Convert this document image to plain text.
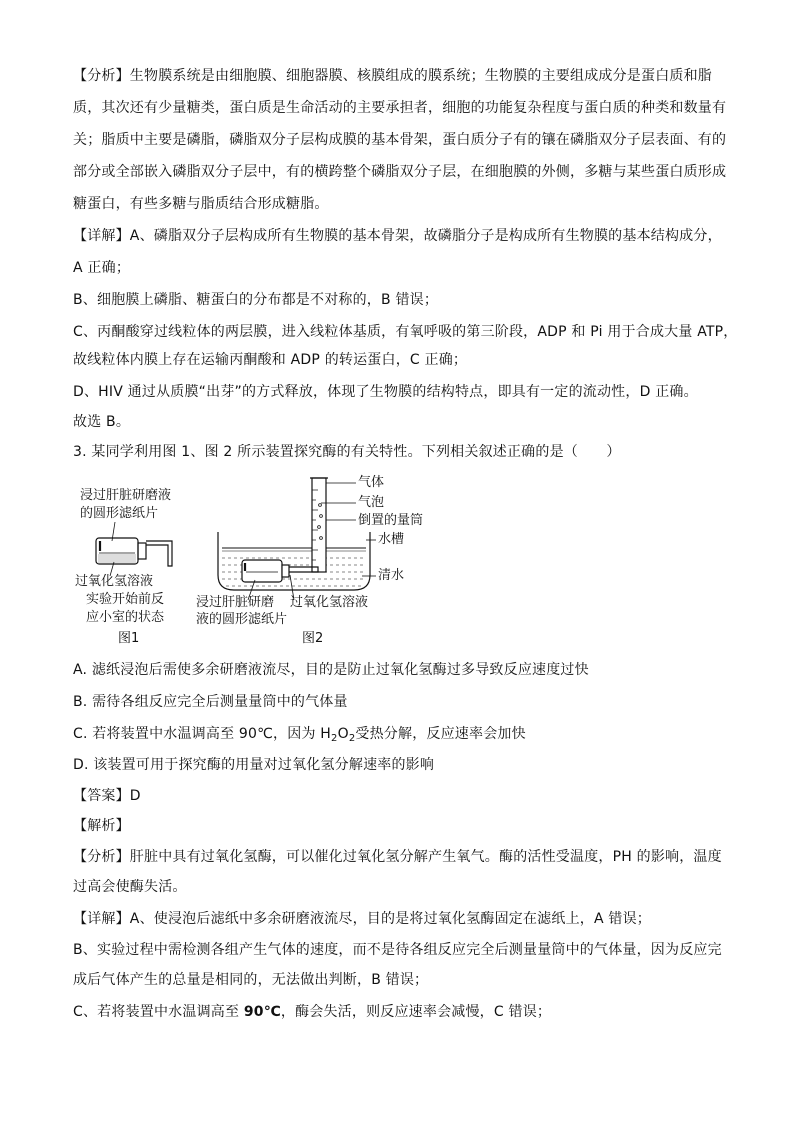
【分析】生物膜系统是由细胞膜、细胞器膜、核膜组成的膜系统；生物膜的主要组成成分是蛋白质和脂
质，其次还有少量糖类，蛋白质是生命活动的主要承担者，细胞的功能复杂程度与蛋白质的种类和数量有
关；脂质中主要是磷脂，磷脂双分子层构成膜的基本骨架，蛋白质分子有的镶在磷脂双分子层表面、有的
部分或全部嵌入磷脂双分子层中，有的横跨整个磷脂双分子层，在细胞膜的外侧，多糖与某些蛋白质形成
糖蛋白，有些多糖与脂质结合形成糖脂。
【详解】A、磷脂双分子层构成所有生物膜的基本骨架，故磷脂分子是构成所有生物膜的基本结构成分，
A 正确；
B、细胞膜上磷脂、糖蛋白的分布都是不对称的，B 错误；
C、丙酮酸穿过线粒体的两层膜，进入线粒体基质，有氧呼吸的第三阶段，ADP 和 Pi 用于合成大量 ATP，
故线粒体内膜上存在运输丙酮酸和 ADP 的转运蛋白，C 正确；
D、HIV 通过从质膜“出芽”的方式释放，体现了生物膜的结构特点，即具有一定的流动性，D 正确。
故选 B。
3. 某同学利用图 1、图 2 所示装置探究酶的有关特性。下列相关叙述正确的是（　　）
浸过肝脏研磨液
的圆形滤纸片
过氧化氢溶液
实验开始前反
应小室的状态
图1
气体
气泡
倒置的量筒
水槽
清水
过氧化氢溶液
浸过肝脏研磨
液的圆形滤纸片
图2
A. 滤纸浸泡后需使多余研磨液流尽，目的是防止过氧化氢酶过多导致反应速度过快
B. 需待各组反应完全后测量量筒中的气体量
C. 若将装置中水温调高至 90℃，因为 $H_2O_2$受热分解，反应速率会加快
D. 该装置可用于探究酶的用量对过氧化氢分解速率的影响
【答案】D
【解析】
【分析】肝脏中具有过氧化氢酶，可以催化过氧化氢分解产生氧气。酶的活性受温度，PH 的影响，温度
过高会使酶失活。
【详解】A、使浸泡后滤纸中多余研磨液流尽，目的是将过氧化氢酶固定在滤纸上，A 错误；
B、实验过程中需检测各组产生气体的速度，而不是待各组反应完全后测量量筒中的气体量，因为反应完
成后气体产生的总量是相同的，无法做出判断，B 错误；
C、若将装置中水温调高至 90℃，酶会失活，则反应速率会减慢，C 错误；
